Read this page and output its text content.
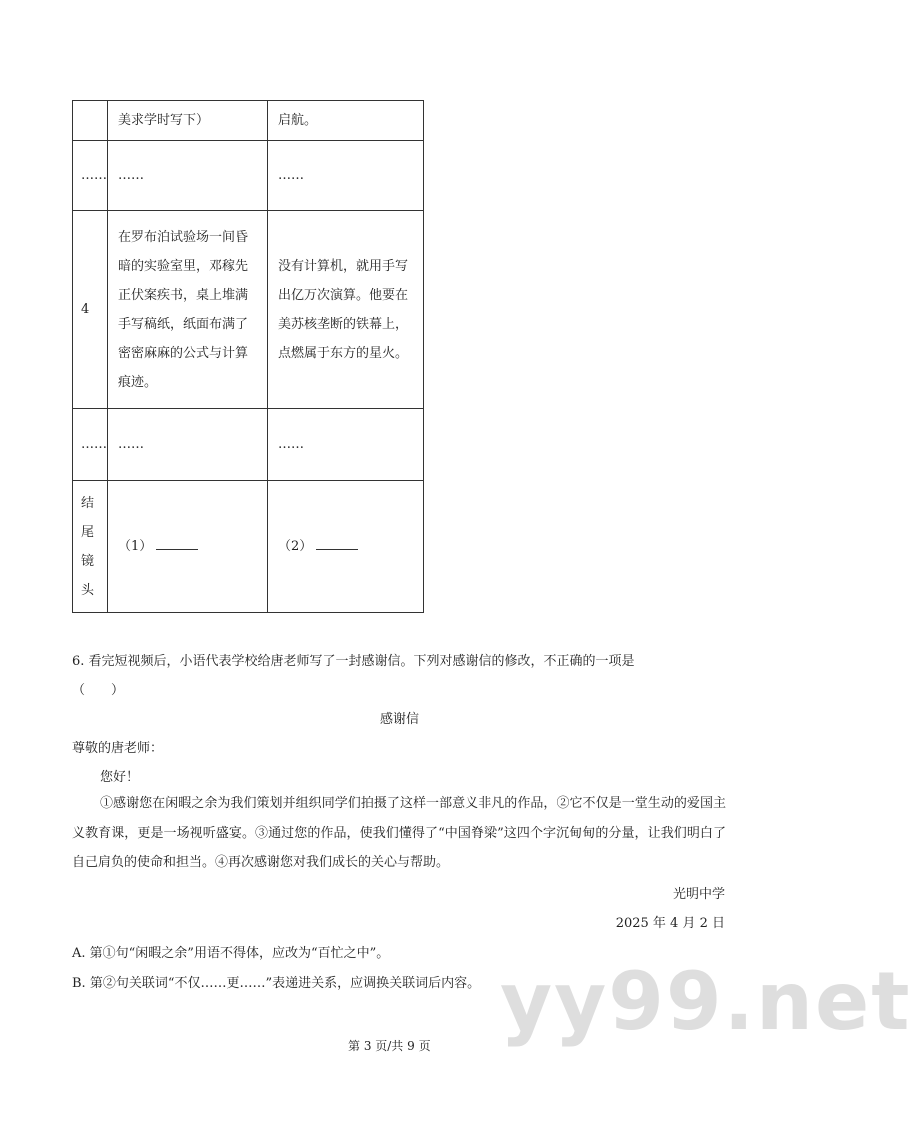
	美求学时写下）	启航。
……	……	……
4	在罗布泊试验场一间昏暗的实验室里，邓稼先正伏案疾书，桌上堆满手写稿纸，纸面布满了密密麻麻的公式与计算痕迹。	没有计算机，就用手写出亿万次演算。他要在美苏核垄断的铁幕上，点燃属于东方的星火。
……	……	……
结尾镜头	（1）	（2）
6. 看完短视频后，小语代表学校给唐老师写了一封感谢信。下列对感谢信的修改，不正确的一项是
（　　）
感谢信
尊敬的唐老师：
您好！
①感谢您在闲暇之余为我们策划并组织同学们拍摄了这样一部意义非凡的作品，②它不仅是一堂生动的爱国主义教育课，更是一场视听盛宴。③通过您的作品，使我们懂得了“中国脊梁”这四个字沉甸甸的分量，让我们明白了自己肩负的使命和担当。④再次感谢您对我们成长的关心与帮助。
光明中学
2025 年 4 月 2 日
A. 第①句“闲暇之余”用语不得体，应改为“百忙之中”。
B. 第②句关联词“不仅……更……”表递进关系，应调换关联词后内容。
第 3 页/共 9 页 yy99.net
